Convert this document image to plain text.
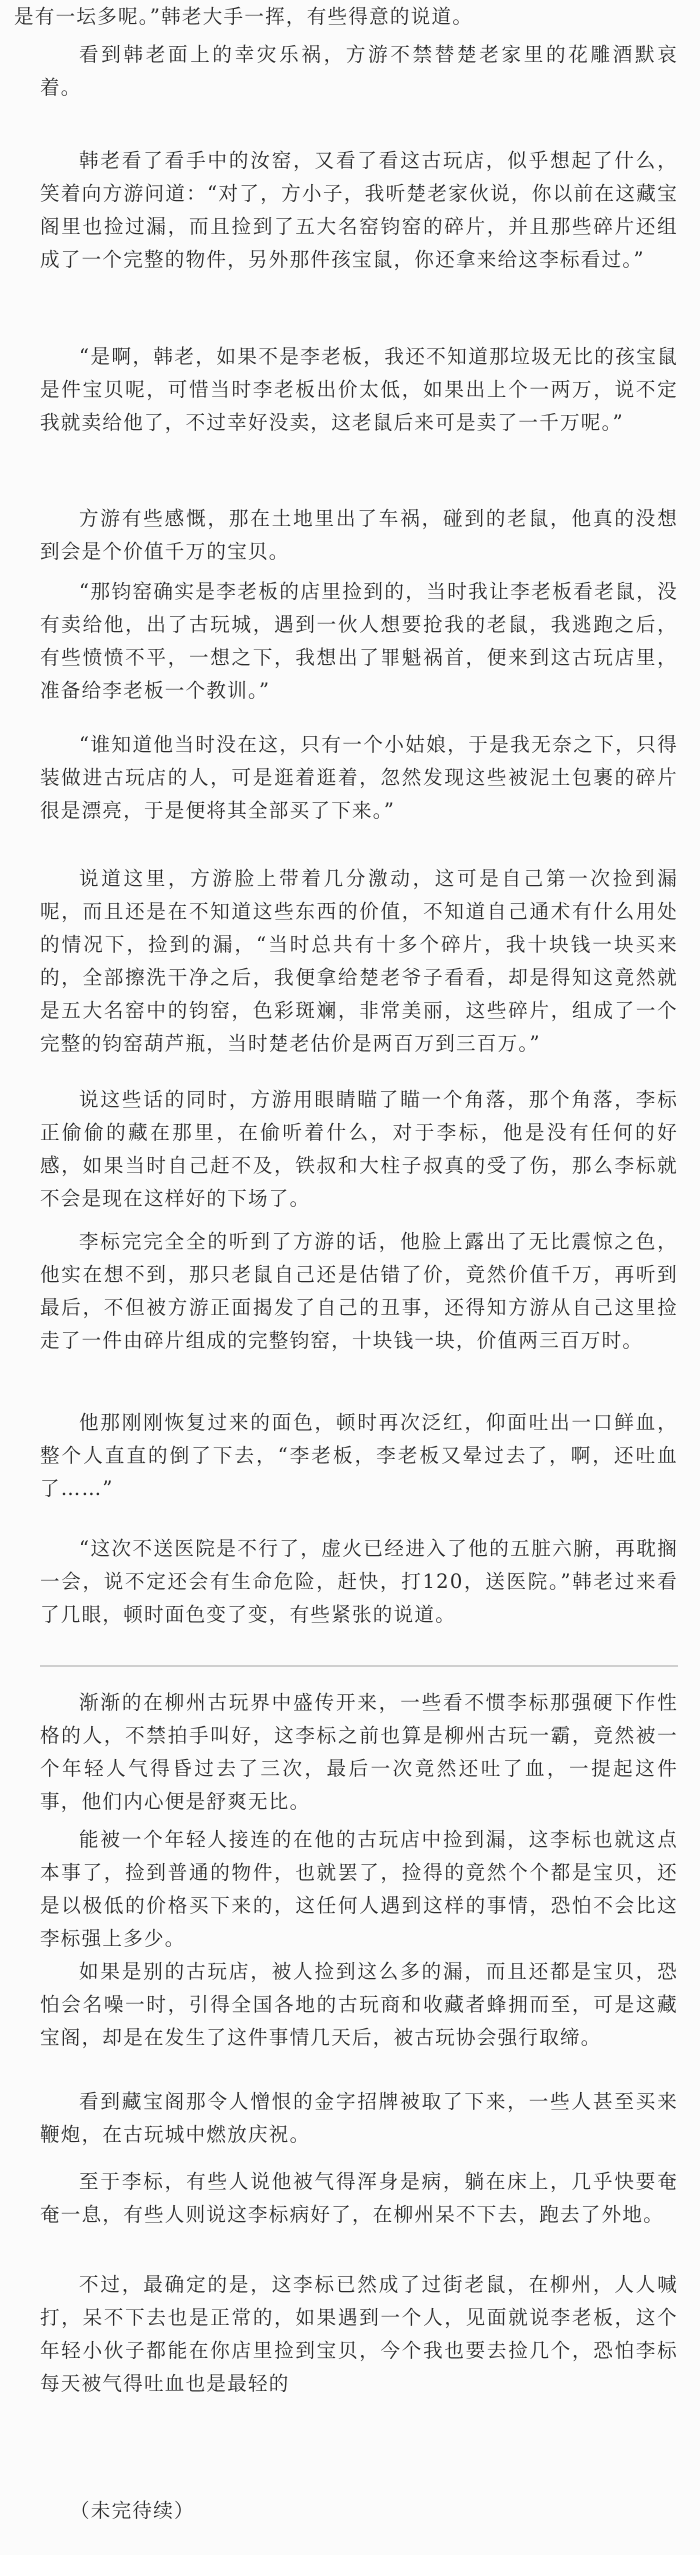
是有一坛多呢。”韩老大手一挥，有些得意的说道。

看到韩老面上的幸灾乐祸，方游不禁替楚老家里的花雕酒默哀着。

韩老看了看手中的汝窑，又看了看这古玩店，似乎想起了什么，笑着向方游问道：“对了，方小子，我听楚老家伙说，你以前在这藏宝阁里也捡过漏，而且捡到了五大名窑钧窑的碎片，并且那些碎片还组成了一个完整的物件，另外那件孩宝鼠，你还拿来给这李标看过。”

“是啊，韩老，如果不是李老板，我还不知道那垃圾无比的孩宝鼠是件宝贝呢，可惜当时李老板出价太低，如果出上个一两万，说不定我就卖给他了，不过幸好没卖，这老鼠后来可是卖了一千万呢。”

方游有些感慨，那在土地里出了车祸，碰到的老鼠，他真的没想到会是个价值千万的宝贝。

“那钧窑确实是李老板的店里捡到的，当时我让李老板看老鼠，没有卖给他，出了古玩城，遇到一伙人想要抢我的老鼠，我逃跑之后，有些愤愤不平，一想之下，我想出了罪魁祸首，便来到这古玩店里，准备给李老板一个教训。”

“谁知道他当时没在这，只有一个小姑娘，于是我无奈之下，只得装做进古玩店的人，可是逛着逛着，忽然发现这些被泥土包裹的碎片很是漂亮，于是便将其全部买了下来。”

说道这里，方游脸上带着几分激动，这可是自己第一次捡到漏呢，而且还是在不知道这些东西的价值，不知道自己通术有什么用处的情况下，捡到的漏，“当时总共有十多个碎片，我十块钱一块买来的，全部擦洗干净之后，我便拿给楚老爷子看看，却是得知这竟然就是五大名窑中的钧窑，色彩斑斓，非常美丽，这些碎片，组成了一个完整的钧窑葫芦瓶，当时楚老估价是两百万到三百万。”

说这些话的同时，方游用眼睛瞄了瞄一个角落，那个角落，李标正偷偷的藏在那里，在偷听着什么，对于李标，他是没有任何的好感，如果当时自己赶不及，铁叔和大柱子叔真的受了伤，那么李标就不会是现在这样好的下场了。

李标完完全全的听到了方游的话，他脸上露出了无比震惊之色，他实在想不到，那只老鼠自己还是估错了价，竟然价值千万，再听到最后，不但被方游正面揭发了自己的丑事，还得知方游从自己这里捡走了一件由碎片组成的完整钧窑，十块钱一块，价值两三百万时。

他那刚刚恢复过来的面色，顿时再次泛红，仰面吐出一口鲜血，整个人直直的倒了下去，“李老板，李老板又晕过去了，啊，还吐血了……”

“这次不送医院是不行了，虚火已经进入了他的五脏六腑，再耽搁一会，说不定还会有生命危险，赶快，打120，送医院。”韩老过来看了几眼，顿时面色变了变，有些紧张的说道。

渐渐的在柳州古玩界中盛传开来，一些看不惯李标那强硬下作性格的人，不禁拍手叫好，这李标之前也算是柳州古玩一霸，竟然被一个年轻人气得昏过去了三次，最后一次竟然还吐了血，一提起这件事，他们内心便是舒爽无比。

能被一个年轻人接连的在他的古玩店中捡到漏，这李标也就这点本事了，捡到普通的物件，也就罢了，捡得的竟然个个都是宝贝，还是以极低的价格买下来的，这任何人遇到这样的事情，恐怕不会比这李标强上多少。

如果是别的古玩店，被人捡到这么多的漏，而且还都是宝贝，恐怕会名噪一时，引得全国各地的古玩商和收藏者蜂拥而至，可是这藏宝阁，却是在发生了这件事情几天后，被古玩协会强行取缔。

看到藏宝阁那令人憎恨的金字招牌被取了下来，一些人甚至买来鞭炮，在古玩城中燃放庆祝。

至于李标，有些人说他被气得浑身是病，躺在床上，几乎快要奄奄一息，有些人则说这李标病好了，在柳州呆不下去，跑去了外地。

不过，最确定的是，这李标已然成了过街老鼠，在柳州，人人喊打，呆不下去也是正常的，如果遇到一个人，见面就说李老板，这个年轻小伙子都能在你店里捡到宝贝，今个我也要去捡几个，恐怕李标每天被气得吐血也是最轻的

（未完待续）
